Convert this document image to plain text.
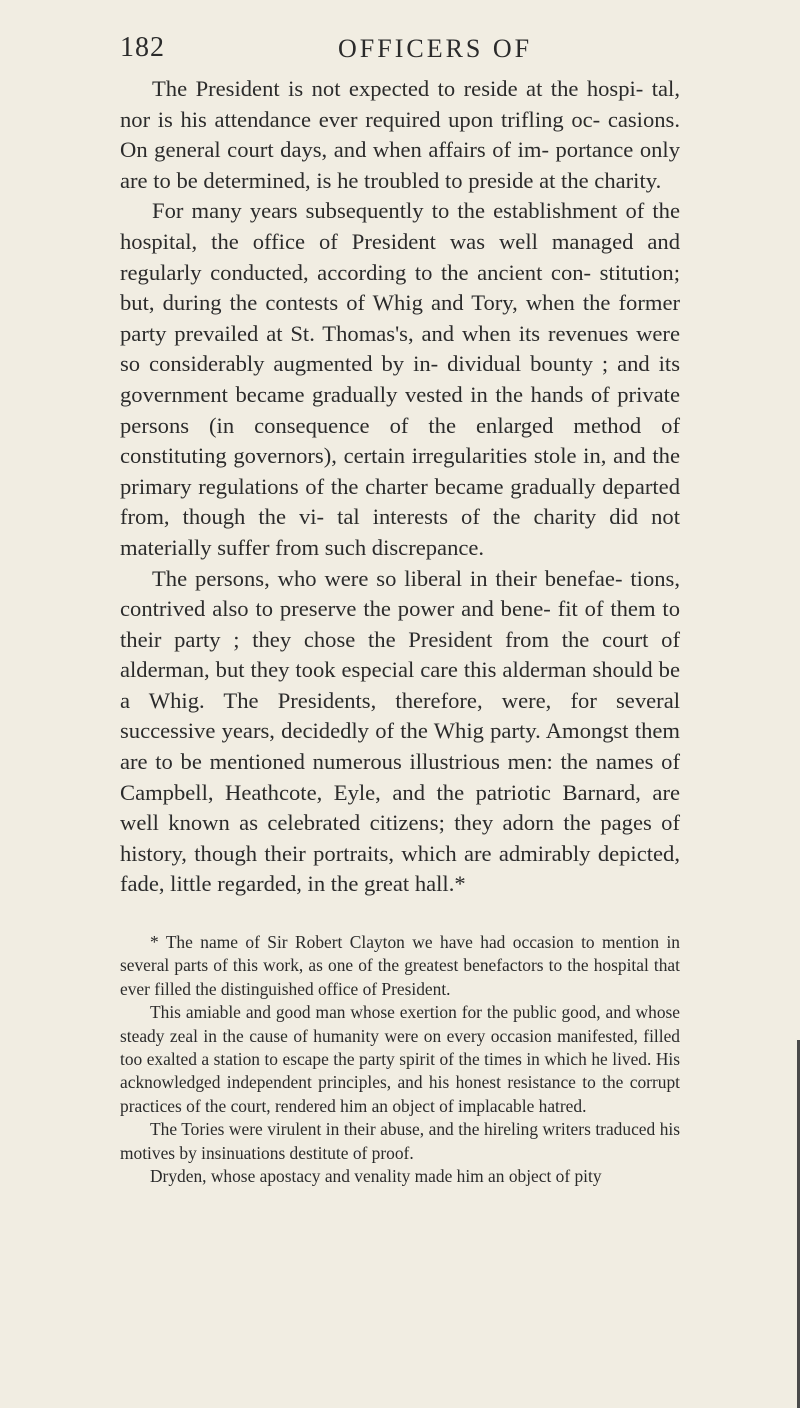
182	OFFICERS OF

The President is not expected to reside at the hospi- tal, nor is his attendance ever required upon trifling oc- casions. On general court days, and when affairs of im- portance only are to be determined, is he troubled to preside at the charity.

For many years subsequently to the establishment of the hospital, the office of President was well managed and regularly conducted, according to the ancient con- stitution; but, during the contests of Whig and Tory, when the former party prevailed at St. Thomas's, and when its revenues were so considerably augmented by in- dividual bounty ; and its government became gradually vested in the hands of private persons (in consequence of the enlarged method of constituting governors), certain irregularities stole in, and the primary regulations of the charter became gradually departed from, though the vi- tal interests of the charity did not materially suffer from such discrepance.

The persons, who were so liberal in their benefae- tions, contrived also to preserve the power and bene- fit of them to their party ; they chose the President from the court of alderman, but they took especial care this alderman should be a Whig. The Presidents, therefore, were, for several successive years, decidedly of the Whig party. Amongst them are to be mentioned numerous illustrious men: the names of Campbell, Heathcote, Eyle, and the patriotic Barnard, are well known as celebrated citizens; they adorn the pages of history, though their portraits, which are admirably depicted, fade, little regarded, in the great hall.*

* The name of Sir Robert Clayton we have had occasion to mention in several parts of this work, as one of the greatest benefactors to the hospital that ever filled the distinguished office of President.

This amiable and good man whose exertion for the public good, and whose steady zeal in the cause of humanity were on every occasion manifested, filled too exalted a station to escape the party spirit of the times in which he lived. His acknowledged independent principles, and his honest resistance to the corrupt practices of the court, rendered him an object of implacable hatred.

The Tories were virulent in their abuse, and the hireling writers traduced his motives by insinuations destitute of proof.

Dryden, whose apostacy and venality made him an object of pity
